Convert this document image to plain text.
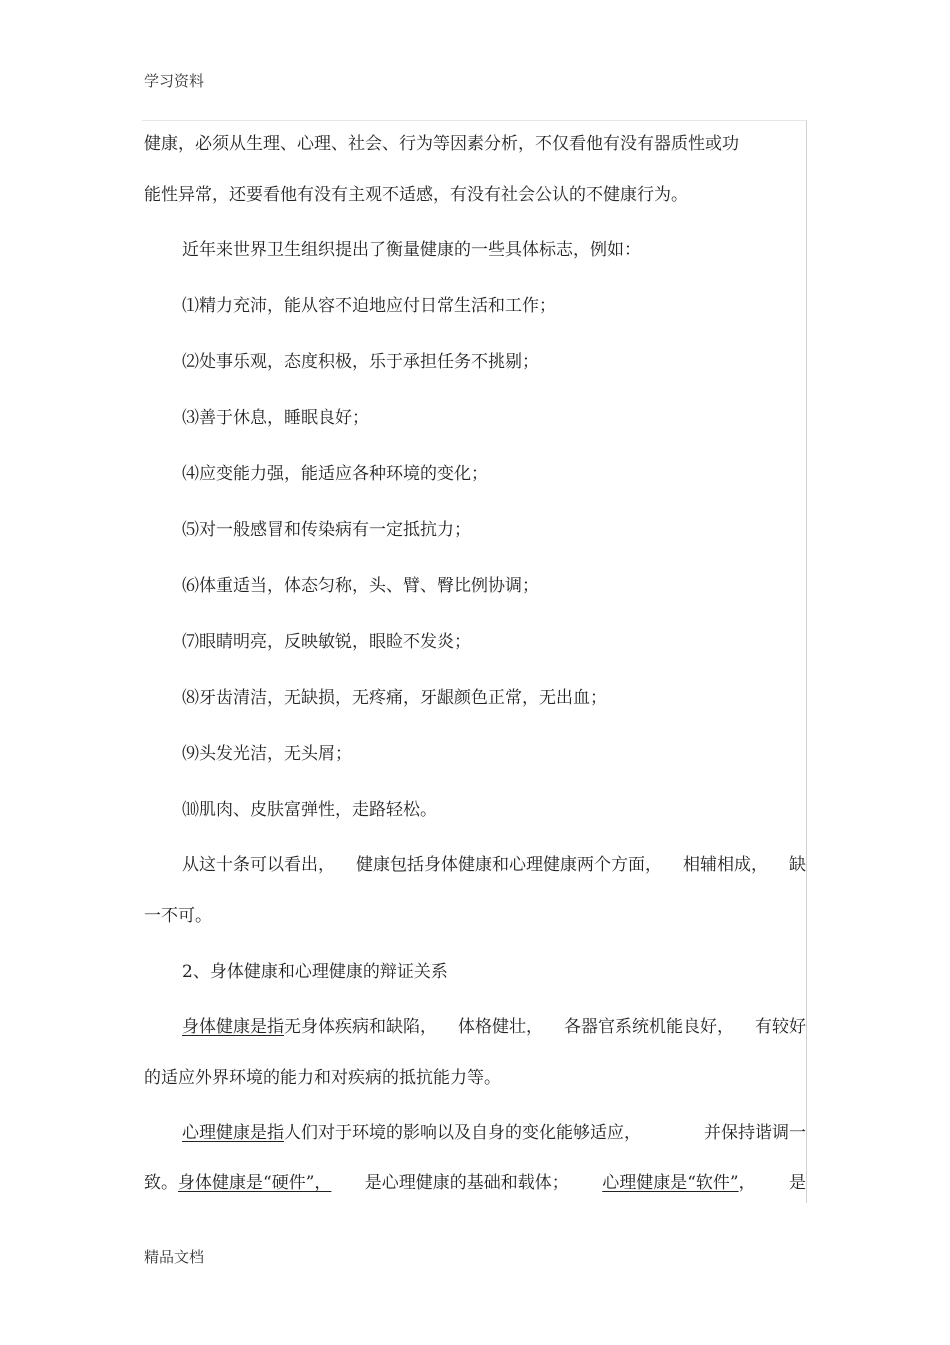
学习资料
健康，必须从生理、心理、社会、行为等因素分析，不仅看他有没有器质性或功
能性异常，还要看他有没有主观不适感，有没有社会公认的不健康行为。
近年来世界卫生组织提出了衡量健康的一些具体标志，例如：
⑴精力充沛，能从容不迫地应付日常生活和工作；
⑵处事乐观，态度积极，乐于承担任务不挑剔；
⑶善于休息，睡眠良好；
⑷应变能力强，能适应各种环境的变化；
⑸对一般感冒和传染病有一定抵抗力；
⑹体重适当，体态匀称，头、臂、臀比例协调；
⑺眼睛明亮，反映敏锐，眼睑不发炎；
⑻牙齿清洁，无缺损，无疼痛，牙龈颜色正常，无出血；
⑼头发光洁，无头屑；
⑽肌肉、皮肤富弹性，走路轻松。
从这十条可以看出， 健康包括身体健康和心理健康两个方面， 相辅相成， 缺
一不可。
2、身体健康和心理健康的辩证关系
身体健康是指无身体疾病和缺陷， 体格健壮， 各器官系统机能良好， 有较好
的适应外界环境的能力和对疾病的抵抗能力等。
心理健康是指人们对于环境的影响以及自身的变化能够适应，	并保持谐调一
致。身体健康是“硬件”， 是心理健康的基础和载体； 心理健康是“软件”， 是
精品文档
